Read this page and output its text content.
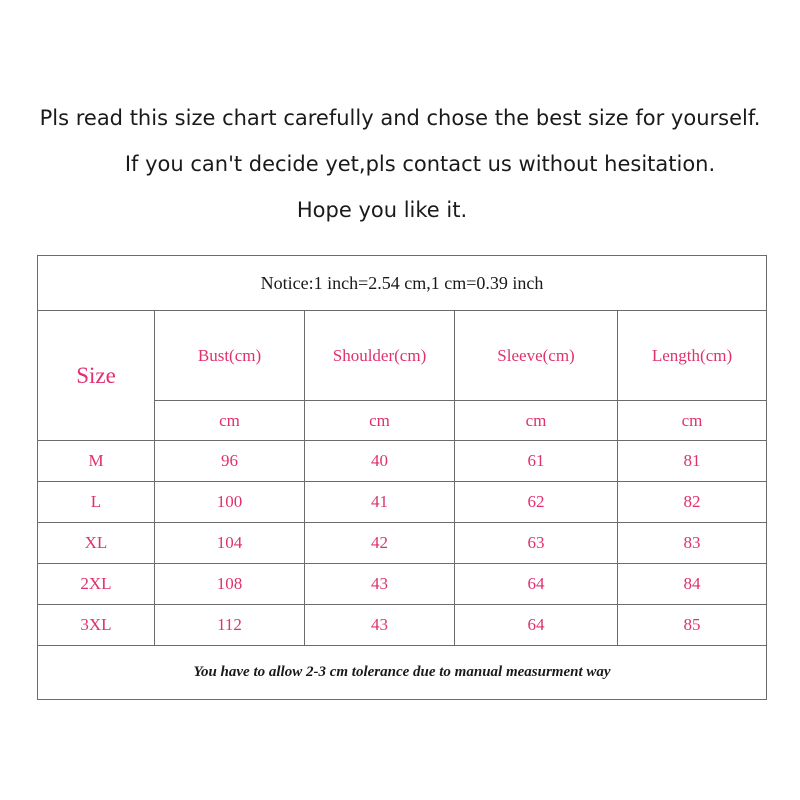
Pls read this size chart carefully and chose the best size for yourself.
If you can't decide yet,pls contact us without hesitation.
Hope you like it.
Notice:1 inch=2.54 cm,1 cm=0.39 inch				
Size	Bust(cm)	Shoulder(cm)	Sleeve(cm)	Length(cm)
	cm	cm	cm	cm
M	96	40	61	81
L	100	41	62	82
XL	104	42	63	83
2XL	108	43	64	84
3XL	112	43	64	85
You have to allow 2-3 cm tolerance due to manual measurment way				
